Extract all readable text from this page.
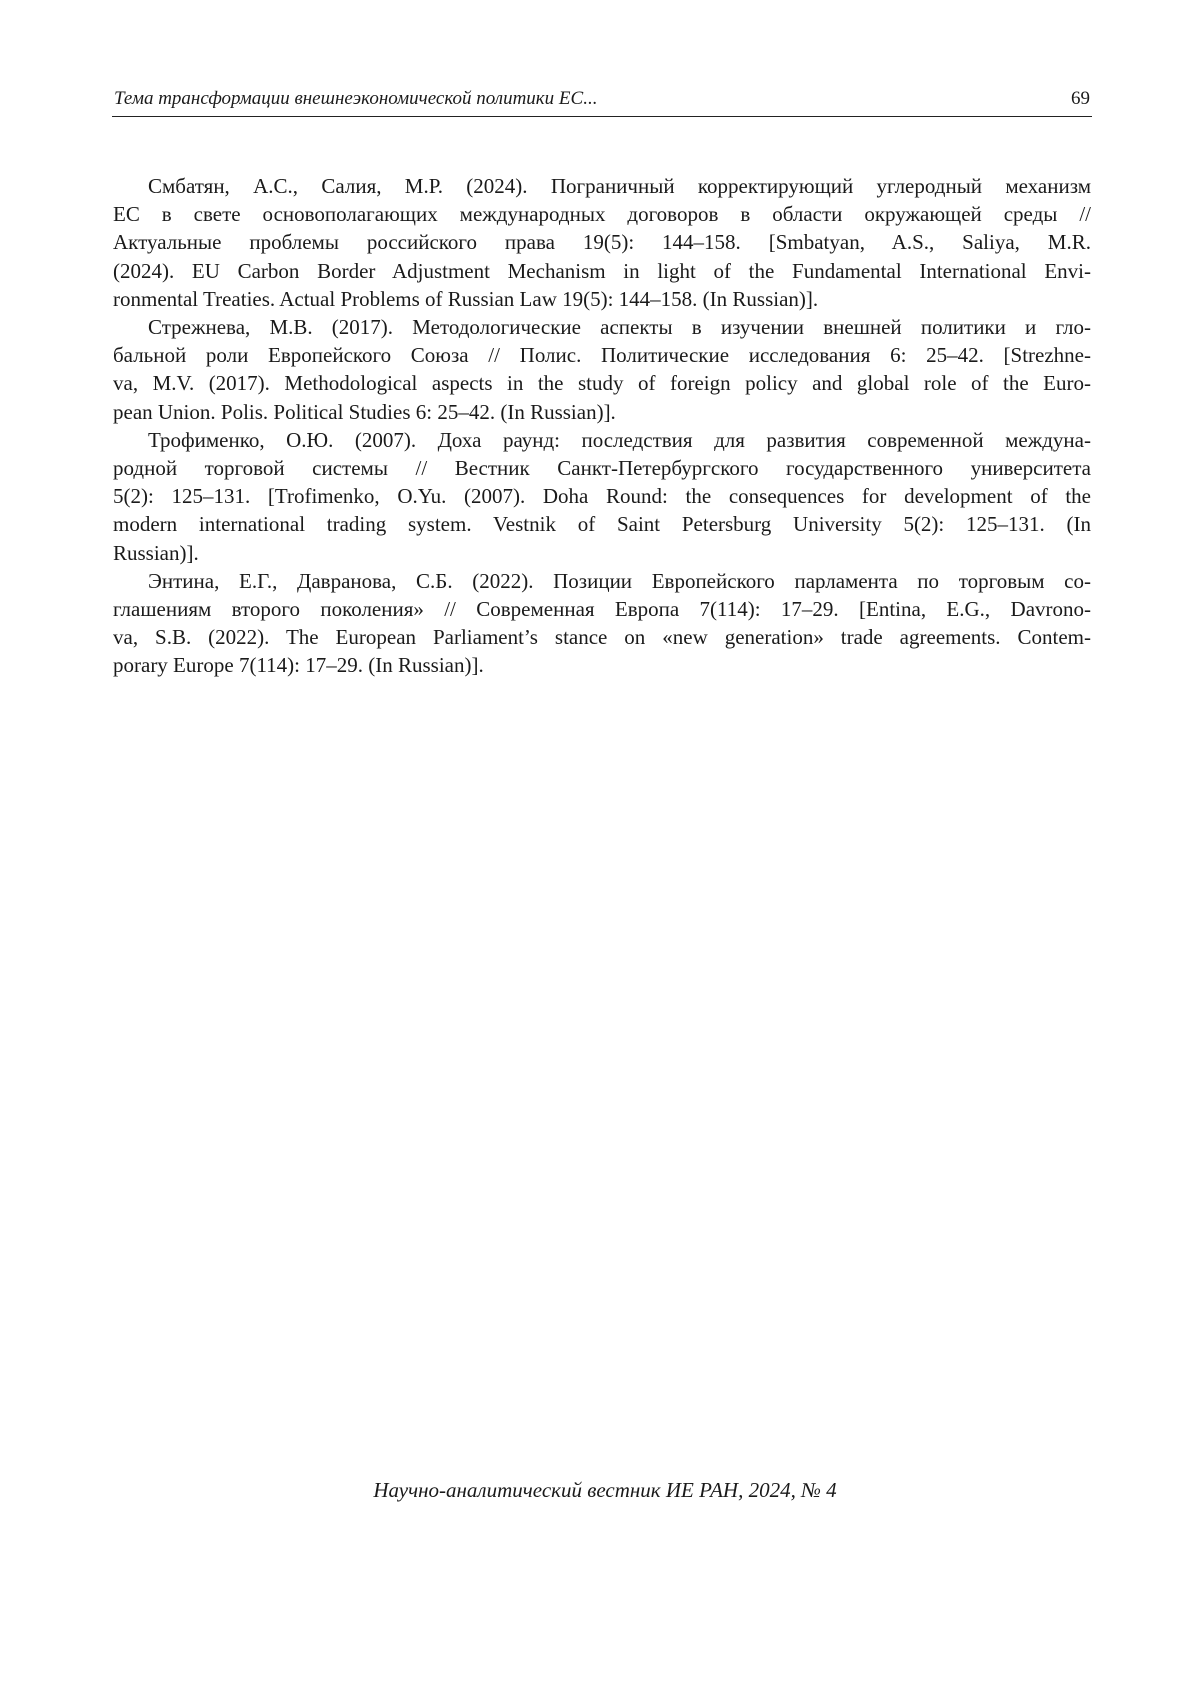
Тема трансформации внешнеэкономической политики ЕС...	69

Смбатян, А.С., Салия, М.Р. (2024). Пограничный корректирующий углеродный механизм
ЕС в свете основополагающих международных договоров в области окружающей среды //
Актуальные проблемы российского права 19(5): 144–158. [Smbatyan, A.S., Saliya, M.R.
(2024). EU Carbon Border Adjustment Mechanism in light of the Fundamental International Envi-
ronmental Treaties. Actual Problems of Russian Law 19(5): 144–158. (In Russian)].

Стрежнева, М.В. (2017). Методологические аспекты в изучении внешней политики и гло-
бальной роли Европейского Союза // Полис. Политические исследования 6: 25–42. [Strezhne-
va, M.V. (2017). Methodological aspects in the study of foreign policy and global role of the Euro-
pean Union. Polis. Political Studies 6: 25–42. (In Russian)].

Трофименко, О.Ю. (2007). Доха раунд: последствия для развития современной междуна-
родной торговой системы // Вестник Санкт-Петербургского государственного университета
5(2): 125–131. [Trofimenko, O.Yu. (2007). Doha Round: the consequences for development of the
modern international trading system. Vestnik of Saint Petersburg University 5(2): 125–131. (In
Russian)].

Энтина, Е.Г., Давранова, С.Б. (2022). Позиции Европейского парламента по торговым со-
глашениям второго поколения» // Современная Европа 7(114): 17–29. [Entina, E.G., Davrono-
va, S.B. (2022). The European Parliament’s stance on «new generation» trade agreements. Contem-
porary Europe 7(114): 17–29. (In Russian)].

Научно-аналитический вестник ИЕ РАН, 2024, № 4
